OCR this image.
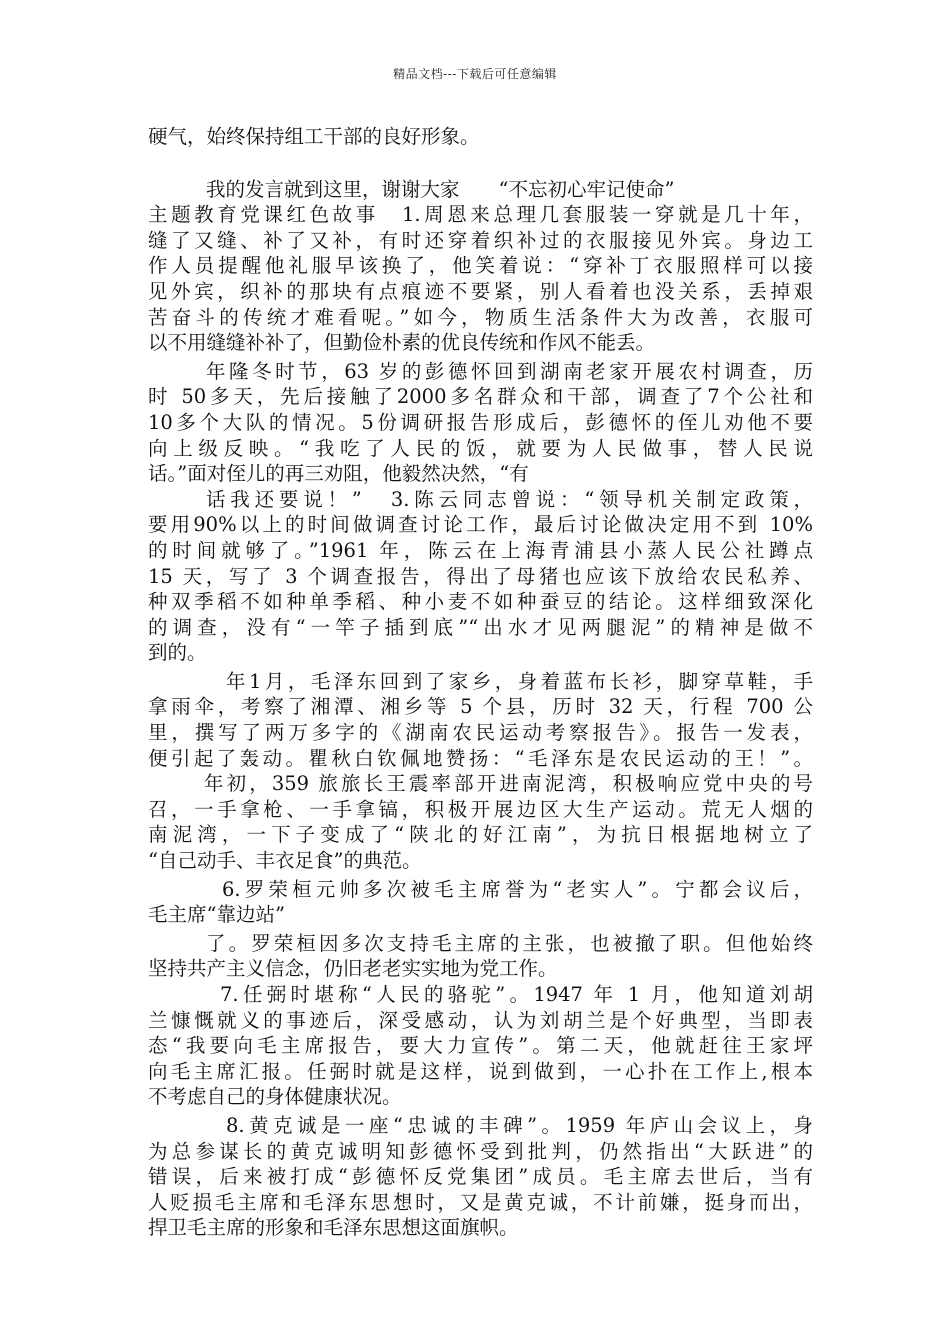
精品文档---下载后可任意编辑
硬气，始终保持组工干部的良好形象。
我的发言就到这里，谢谢大家　　“不忘初心牢记使命”
主题教育党课红色故事　1.周恩来总理几套服装一穿就是几十年，
缝了又缝、补了又补，有时还穿着织补过的衣服接见外宾。身边工
作人员提醒他礼服早该换了，他笑着说：“穿补丁衣服照样可以接
见外宾，织补的那块有点痕迹不要紧，别人看着也没关系，丢掉艰
苦奋斗的传统才难看呢。”如今，物质生活条件大为改善，衣服可
以不用缝缝补补了，但勤俭朴素的优良传统和作风不能丢。
年隆冬时节，63 岁的彭德怀回到湖南老家开展农村调查，历
时 50多天，先后接触了2000多名群众和干部，调查了7个公社和
10多个大队的情况。5份调研报告形成后，彭德怀的侄儿劝他不要
向上级反映。“我吃了人民的饭，就要为人民做事，替人民说
话。”面对侄儿的再三劝阻，他毅然决然，“有
话我还要说！”　3.陈云同志曾说：“领导机关制定政策，
要用90%以上的时间做调查讨论工作，最后讨论做决定用不到 10%
的时间就够了。”1961 年，陈云在上海青浦县小蒸人民公社蹲点
15 天，写了 3 个调查报告，得出了母猪也应该下放给农民私养、
种双季稻不如种单季稻、种小麦不如种蚕豆的结论。这样细致深化
的调查，没有“一竿子插到底”“出水才见两腿泥”的精神是做不
到的。
年1月，毛泽东回到了家乡，身着蓝布长衫，脚穿草鞋，手
拿雨伞，考察了湘潭、湘乡等 5 个县，历时 32 天，行程 700 公
里，撰写了两万多字的《湖南农民运动考察报告》。报告一发表，
便引起了轰动。瞿秋白钦佩地赞扬：“毛泽东是农民运动的王！”。
年初，359 旅旅长王震率部开进南泥湾，积极响应党中央的号
召，一手拿枪、一手拿镐，积极开展边区大生产运动。荒无人烟的
南泥湾，一下子变成了“陕北的好江南”，为抗日根据地树立了
“自己动手、丰衣足食”的典范。
6.罗荣桓元帅多次被毛主席誉为“老实人”。宁都会议后，
毛主席“靠边站”
了。罗荣桓因多次支持毛主席的主张，也被撤了职。但他始终
坚持共产主义信念，仍旧老老实实地为党工作。
7.任弼时堪称“人民的骆驼”。1947 年 1 月，他知道刘胡
兰慷慨就义的事迹后，深受感动，认为刘胡兰是个好典型，当即表
态“我要向毛主席报告，要大力宣传”。第二天，他就赶往王家坪
向毛主席汇报。任弼时就是这样，说到做到，一心扑在工作上,根本
不考虑自己的身体健康状况。
8.黄克诚是一座“忠诚的丰碑”。1959 年庐山会议上，身
为总参谋长的黄克诚明知彭德怀受到批判，仍然指出“大跃进”的
错误，后来被打成“彭德怀反党集团”成员。毛主席去世后，当有
人贬损毛主席和毛泽东思想时，又是黄克诚，不计前嫌，挺身而出，
捍卫毛主席的形象和毛泽东思想这面旗帜。
